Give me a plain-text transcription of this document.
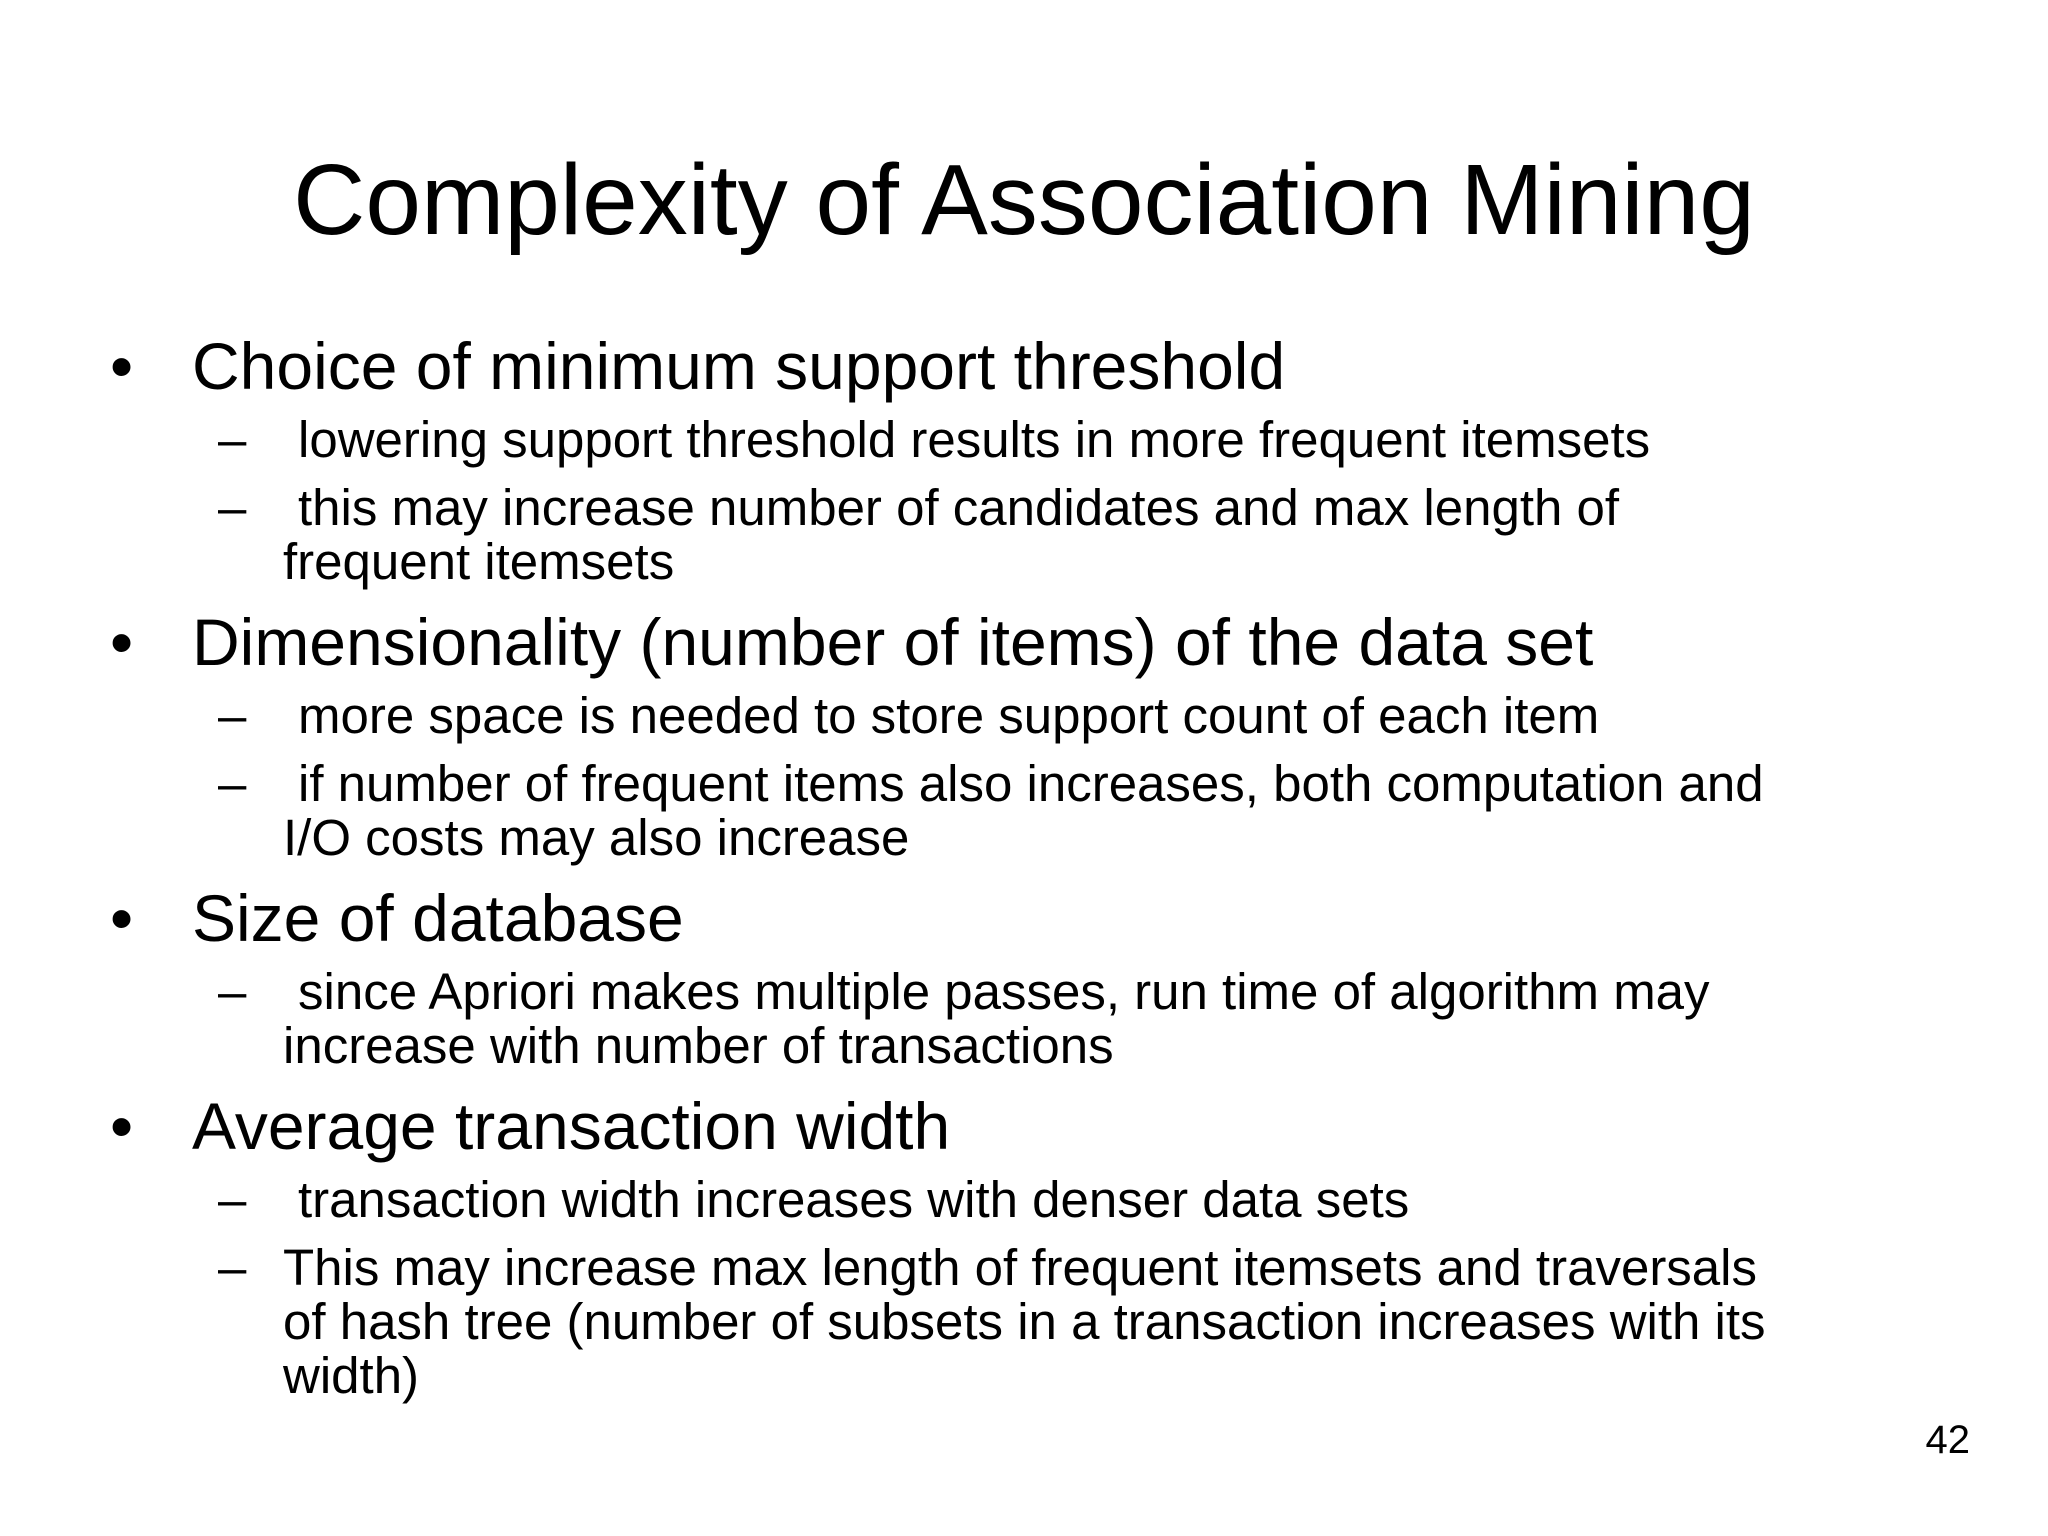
Complexity of Association Mining
• Choice of minimum support threshold
– lowering support threshold results in more frequent itemsets
– this may increase number of candidates and max length of
frequent itemsets
• Dimensionality (number of items) of the data set
– more space is needed to store support count of each item
– if number of frequent items also increases, both computation and
I/O costs may also increase
• Size of database
– since Apriori makes multiple passes, run time of algorithm may
increase with number of transactions
• Average transaction width
– transaction width increases with denser data sets
– This may increase max length of frequent itemsets and traversals
of hash tree (number of subsets in a transaction increases with its
width)
42
